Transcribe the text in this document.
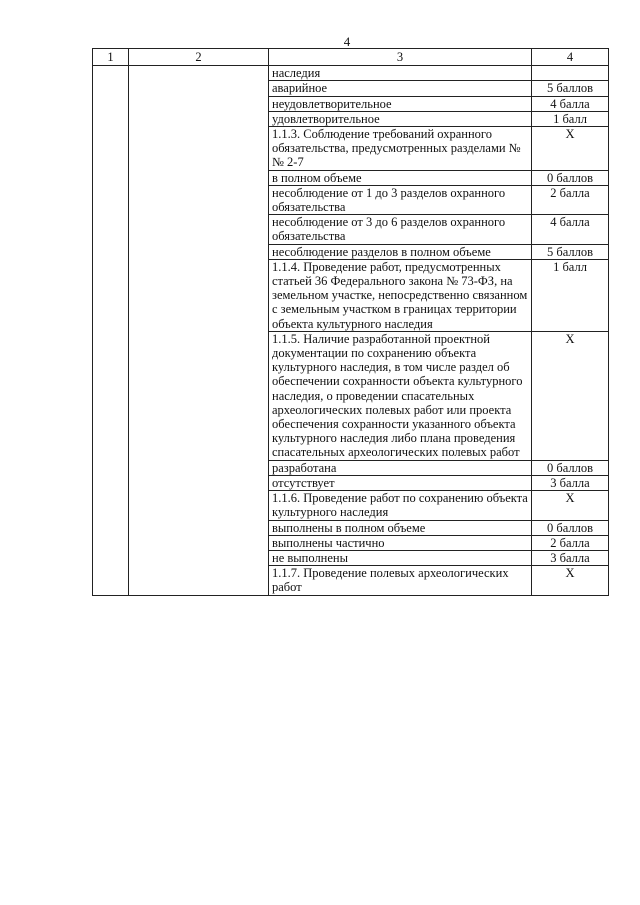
4
1	2	3	4
		наследия	
		аварийное	5 баллов
		неудовлетворительное	4 балла
		удовлетворительное	1 балл
		1.1.3. Соблюдение требований охранного обязательства, предусмотренных разделами №№ 2-7	X
		в полном объеме	0 баллов
		несоблюдение от 1 до 3 разделов охранного обязательства	2 балла
		несоблюдение от 3 до 6 разделов охранного обязательства	4 балла
		несоблюдение разделов в полном объеме	5 баллов
		1.1.4. Проведение работ, предусмотренных статьей 36 Федерального закона № 73-ФЗ, на земельном участке, непосредственно связанном с земельным участком в границах территории объекта культурного наследия	1 балл
		1.1.5. Наличие разработанной проектной документации по сохранению объекта культурного наследия, в том числе раздел об обеспечении сохранности объекта культурного наследия, о проведении спасательных археологических полевых работ или проекта обеспечения сохранности указанного объекта культурного наследия либо плана проведения спасательных археологических полевых работ	X
		разработана	0 баллов
		отсутствует	3 балла
		1.1.6. Проведение работ по сохранению объекта культурного наследия	X
		выполнены в полном объеме	0 баллов
		выполнены частично	2 балла
		не выполнены	3 балла
		1.1.7. Проведение полевых археологических работ	X
